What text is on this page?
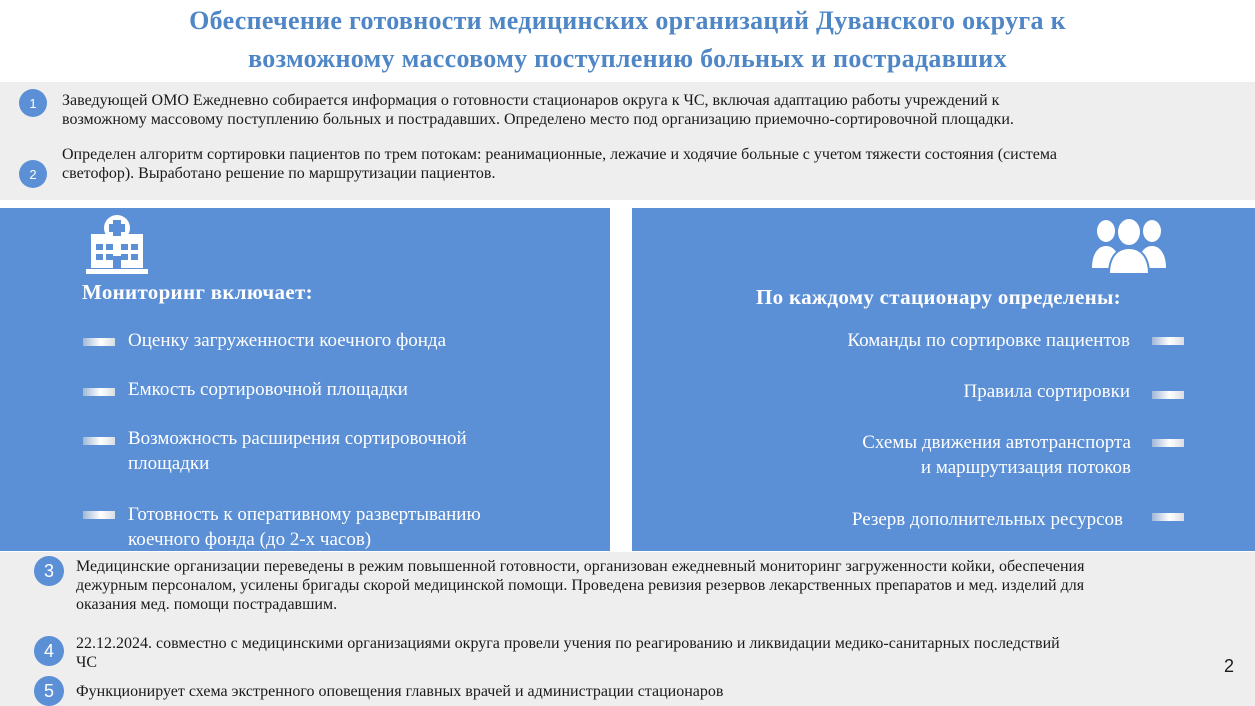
Обеспечение готовности медицинских организаций Дуванского округа к
возможному массовому поступлению больных и пострадавших
1	Заведующей ОМО Ежедневно собирается информация о готовности стационаров округа к ЧС, включая адаптацию работы учреждений к
возможному массовому поступлению больных и пострадавших. Определено место под организацию приемочно-сортировочной площадки.
2
Определен алгоритм сортировки пациентов по трем потокам: реанимационные, лежачие и ходячие больные с учетом тяжести состояния (система
светофор). Выработано решение по маршрутизации пациентов.
Мониторинг включает:
Оценку загруженности коечного фонда
Емкость сортировочной площадки
Возможность расширения сортировочной
площадки
Готовность к оперативному развертыванию
коечного фонда (до 2-х часов)
По каждому стационару определены:
Команды по сортировке пациентов
Правила сортировки
Схемы движения автотранспорта
и маршрутизация потоков
Резерв дополнительных ресурсов
3	Медицинские организации переведены в режим повышенной готовности, организован ежедневный мониторинг загруженности койки, обеспечения
дежурным персоналом, усилены бригады скорой медицинской помощи. Проведена ревизия резервов лекарственных препаратов и мед. изделий для
оказания мед. помощи пострадавшим.
4	22.12.2024. совместно с медицинскими организациями округа провели учения по реагированию и ликвидации медико-санитарных последствий
ЧС
5	Функционирует схема экстренного оповещения главных врачей и администрации стационаров
2
